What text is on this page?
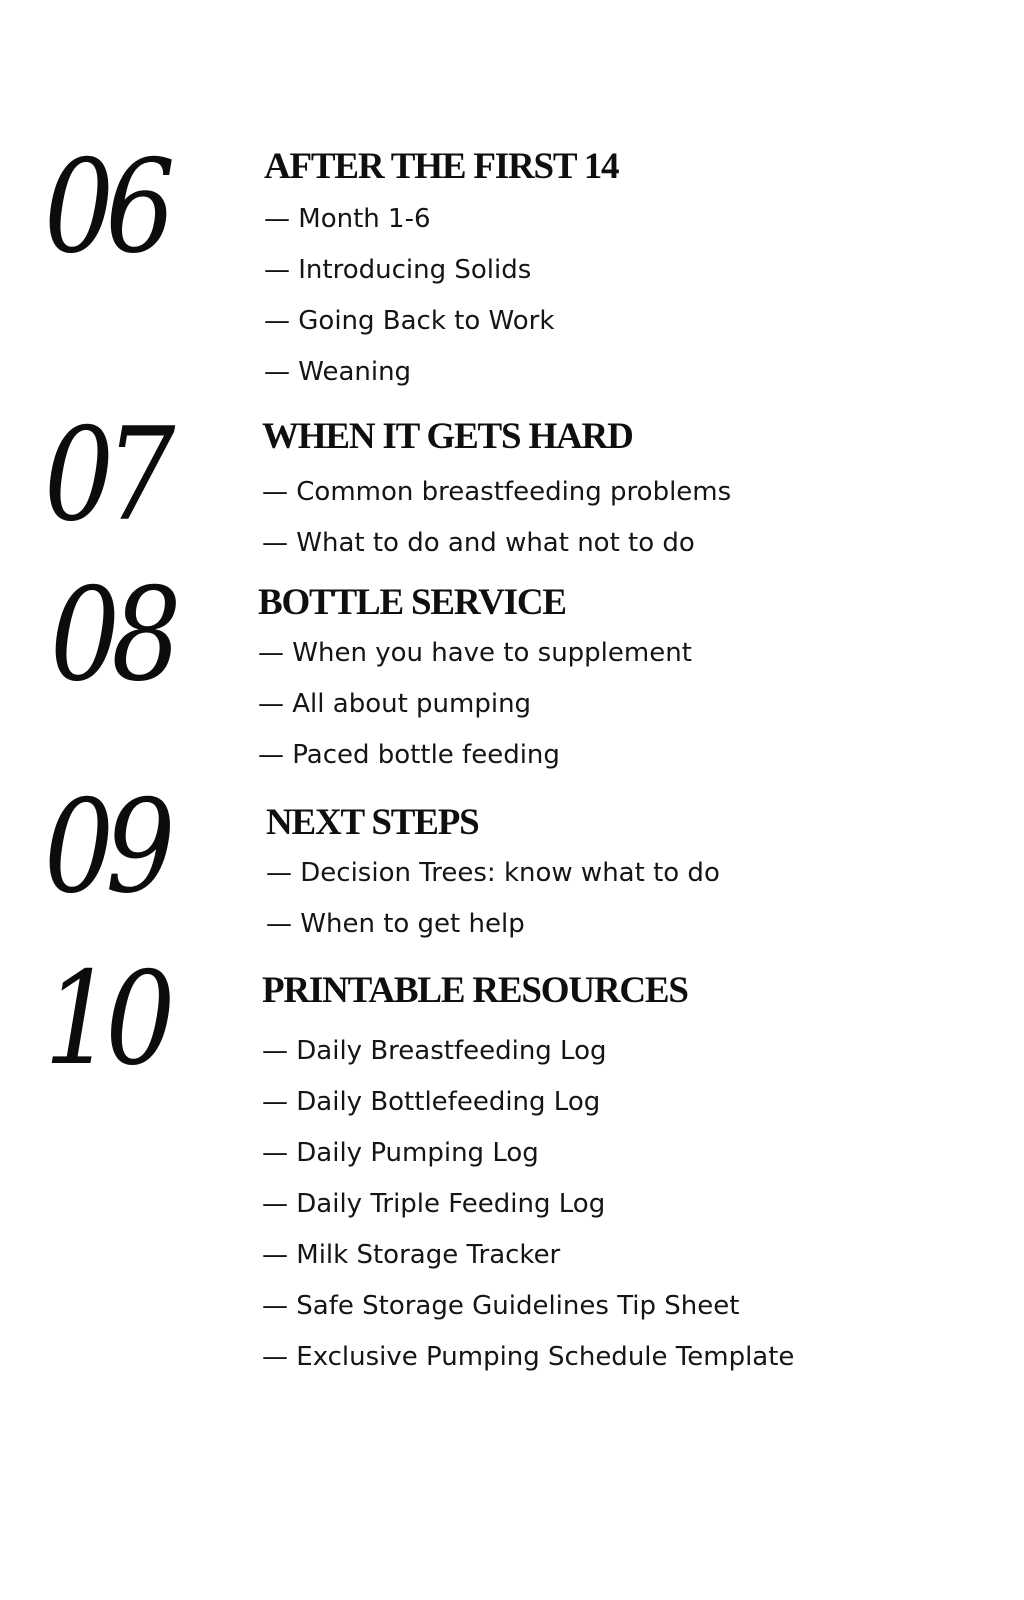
06	AFTER THE FIRST 14
— Month 1-6
— Introducing Solids
— Going Back to Work
— Weaning
07	WHEN IT GETS HARD
— Common breastfeeding problems
— What to do and what not to do
08 BOTTLE SERVICE
— When you have to supplement
— All about pumping
— Paced bottle feeding
09	NEXT STEPS
— Decision Trees: know what to do
— When to get help
10	PRINTABLE RESOURCES
— Daily Breastfeeding Log
— Daily Bottlefeeding Log
— Daily Pumping Log
— Daily Triple Feeding Log
— Milk Storage Tracker
— Safe Storage Guidelines Tip Sheet
— Exclusive Pumping Schedule Template
